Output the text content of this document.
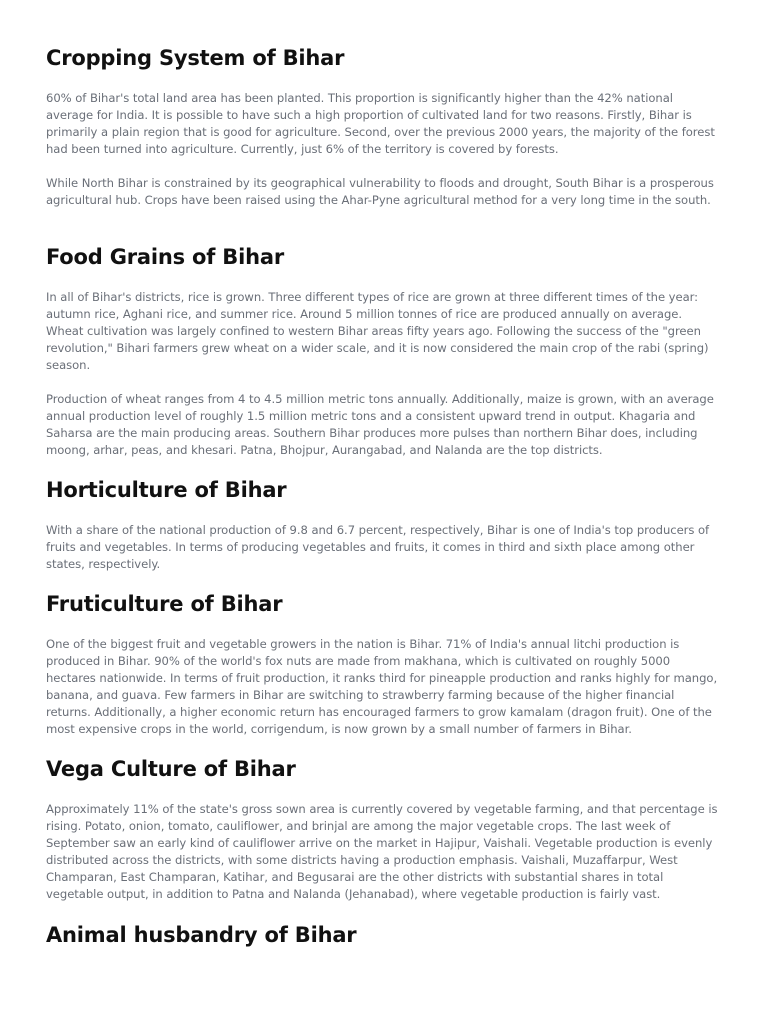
Cropping System of Bihar

60% of Bihar's total land area has been planted. This proportion is significantly higher than the 42% national average for India. It is possible to have such a high proportion of cultivated land for two reasons. Firstly, Bihar is primarily a plain region that is good for agriculture. Second, over the previous 2000 years, the majority of the forest had been turned into agriculture. Currently, just 6% of the territory is covered by forests.

While North Bihar is constrained by its geographical vulnerability to floods and drought, South Bihar is a prosperous agricultural hub. Crops have been raised using the Ahar-Pyne agricultural method for a very long time in the south.

Food Grains of Bihar

In all of Bihar's districts, rice is grown. Three different types of rice are grown at three different times of the year: autumn rice, Aghani rice, and summer rice. Around 5 million tonnes of rice are produced annually on average. Wheat cultivation was largely confined to western Bihar areas fifty years ago. Following the success of the "green revolution," Bihari farmers grew wheat on a wider scale, and it is now considered the main crop of the rabi (spring) season.

Production of wheat ranges from 4 to 4.5 million metric tons annually. Additionally, maize is grown, with an average annual production level of roughly 1.5 million metric tons and a consistent upward trend in output. Khagaria and Saharsa are the main producing areas. Southern Bihar produces more pulses than northern Bihar does, including moong, arhar, peas, and khesari. Patna, Bhojpur, Aurangabad, and Nalanda are the top districts.

Horticulture of Bihar

With a share of the national production of 9.8 and 6.7 percent, respectively, Bihar is one of India's top producers of fruits and vegetables. In terms of producing vegetables and fruits, it comes in third and sixth place among other states, respectively.

Fruticulture of Bihar

One of the biggest fruit and vegetable growers in the nation is Bihar. 71% of India's annual litchi production is produced in Bihar. 90% of the world's fox nuts are made from makhana, which is cultivated on roughly 5000 hectares nationwide. In terms of fruit production, it ranks third for pineapple production and ranks highly for mango, banana, and guava. Few farmers in Bihar are switching to strawberry farming because of the higher financial returns. Additionally, a higher economic return has encouraged farmers to grow kamalam (dragon fruit). One of the most expensive crops in the world, corrigendum, is now grown by a small number of farmers in Bihar.

Vega Culture of Bihar

Approximately 11% of the state's gross sown area is currently covered by vegetable farming, and that percentage is rising. Potato, onion, tomato, cauliflower, and brinjal are among the major vegetable crops. The last week of September saw an early kind of cauliflower arrive on the market in Hajipur, Vaishali. Vegetable production is evenly distributed across the districts, with some districts having a production emphasis. Vaishali, Muzaffarpur, West Champaran, East Champaran, Katihar, and Begusarai are the other districts with substantial shares in total vegetable output, in addition to Patna and Nalanda (Jehanabad), where vegetable production is fairly vast.

Animal husbandry of Bihar
